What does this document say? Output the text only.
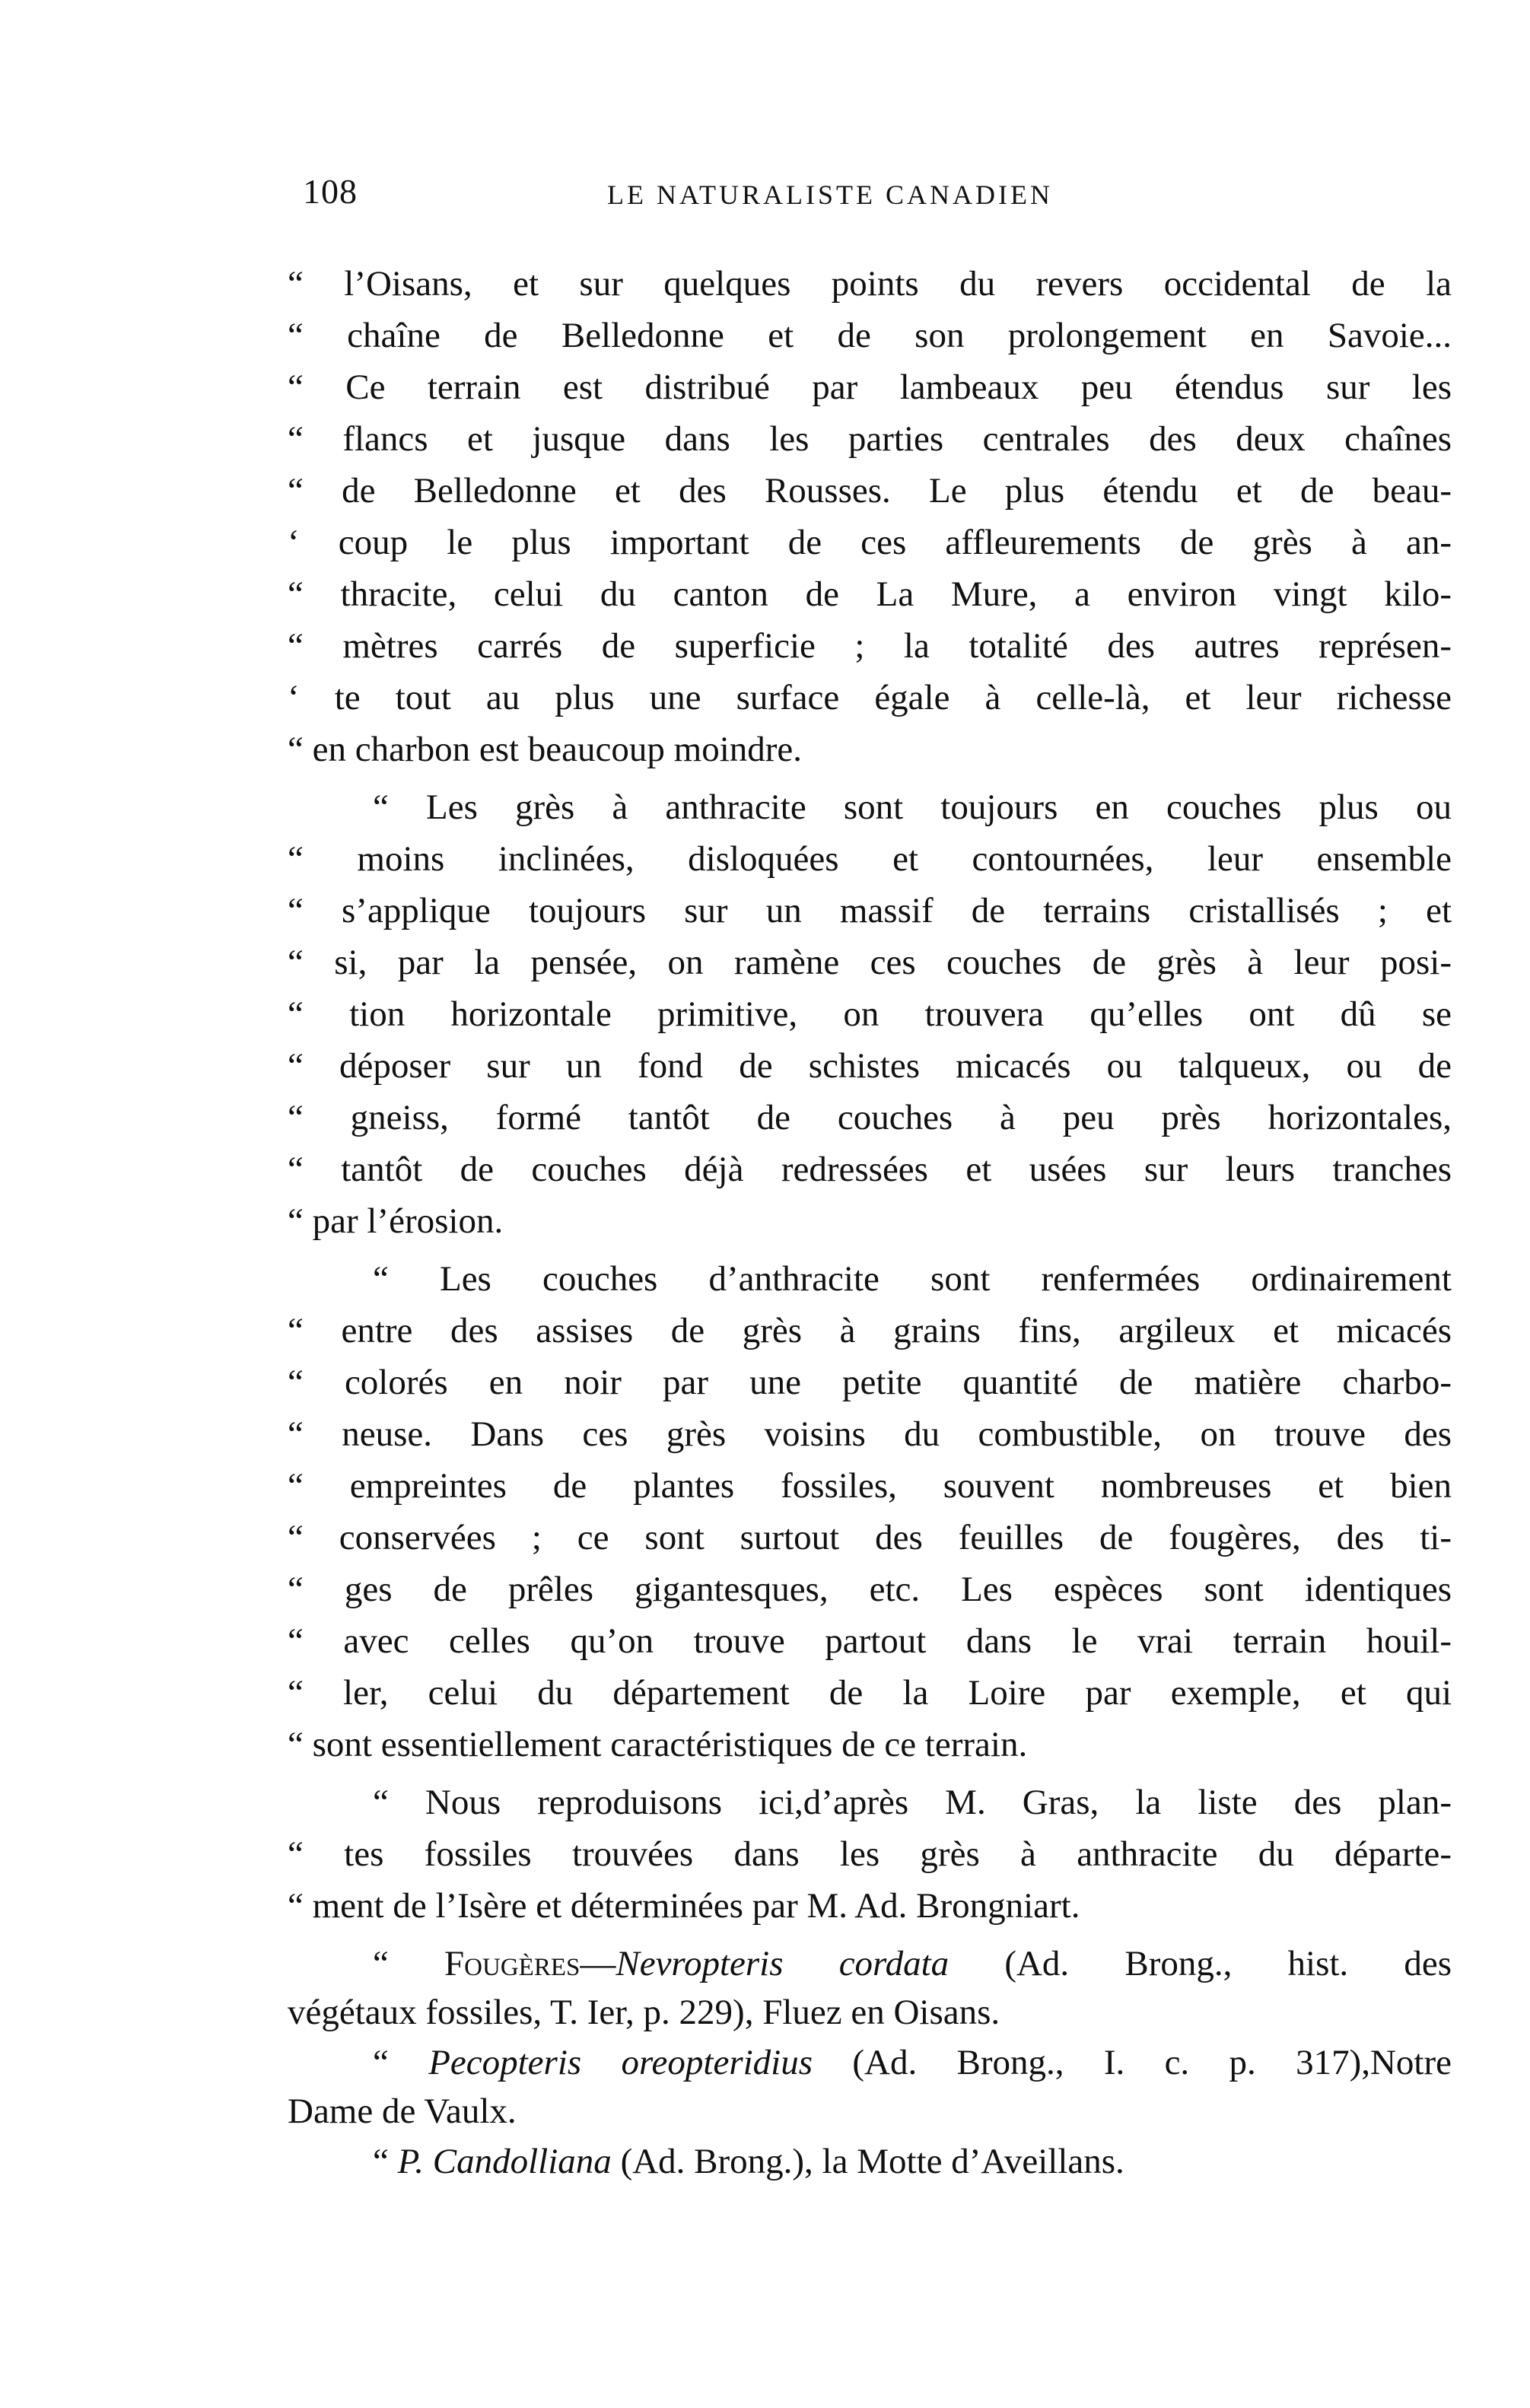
108	LE NATURALISTE CANADIEN
“ l’Oisans, et sur quelques points du revers occidental de la
“ chaîne de Belledonne et de son prolongement en Savoie...
“ Ce terrain est distribué par lambeaux peu étendus sur les
“ flancs et jusque dans les parties centrales des deux chaînes
“ de Belledonne et des Rousses. Le plus étendu et de beau-
‘ coup le plus important de ces affleurements de grès à an-
“ thracite, celui du canton de La Mure, a environ vingt kilo-
“ mètres carrés de superficie ; la totalité des autres représen-
‘ te tout au plus une surface égale à celle-là, et leur richesse
“ en charbon est beaucoup moindre.
“ Les grès à anthracite sont toujours en couches plus ou
“ moins inclinées, disloquées et contournées, leur ensemble
“ s’applique toujours sur un massif de terrains cristallisés ; et
“ si, par la pensée, on ramène ces couches de grès à leur posi-
“ tion horizontale primitive, on trouvera qu’elles ont dû se
“ déposer sur un fond de schistes micacés ou talqueux, ou de
“ gneiss, formé tantôt de couches à peu près horizontales,
“ tantôt de couches déjà redressées et usées sur leurs tranches
“ par l’érosion.
“ Les couches d’anthracite sont renfermées ordinairement
“ entre des assises de grès à grains fins, argileux et micacés
“ colorés en noir par une petite quantité de matière charbo-
“ neuse. Dans ces grès voisins du combustible, on trouve des
“ empreintes de plantes fossiles, souvent nombreuses et bien
“ conservées ; ce sont surtout des feuilles de fougères, des ti-
“ ges de prêles gigantesques, etc. Les espèces sont identiques
“ avec celles qu’on trouve partout dans le vrai terrain houil-
“ ler, celui du département de la Loire par exemple, et qui
“ sont essentiellement caractéristiques de ce terrain.
“ Nous reproduisons ici,d’après M. Gras, la liste des plan-
“ tes fossiles trouvées dans les grès à anthracite du départe-
“ ment de l’Isère et déterminées par M. Ad. Brongniart.
“ Fougères—Nevropteris cordata (Ad. Brong., hist. des
végétaux fossiles, T. Ier, p. 229), Fluez en Oisans.
“ Pecopteris oreopteridius (Ad. Brong., I. c. p. 317),Notre
Dame de Vaulx.
“ P. Candolliana (Ad. Brong.), la Motte d’Aveillans.
